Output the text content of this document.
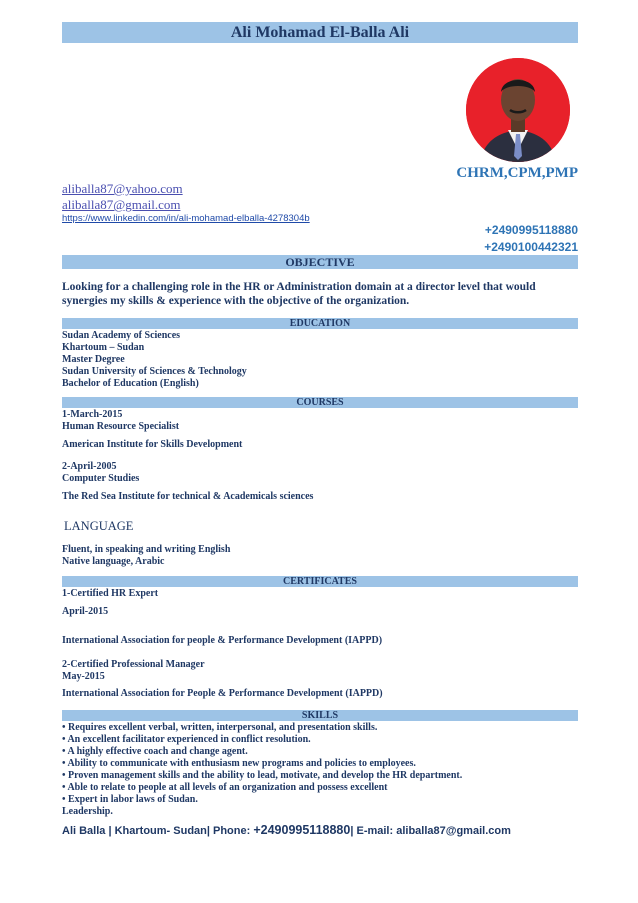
Ali Mohamad El-Balla Ali
CHRM,CPM,PMP
aliballa87@yahoo.com
aliballa87@gmail.com
https://www.linkedin.com/in/ali-mohamad-elballa-4278304b
+2490995118880
+2490100442321
OBJECTIVE
Looking for a challenging role in the HR or Administration domain at a director level that would synergies my skills & experience with the objective of the organization.
EDUCATION
Sudan Academy of Sciences
Khartoum – Sudan
Master Degree
Sudan University of Sciences & Technology
Bachelor of Education (English)
COURSES
1-March-2015
Human Resource Specialist
American Institute for Skills Development
2-April-2005
Computer Studies
The Red Sea Institute for technical & Academicals sciences
LANGUAGE
Fluent, in speaking and writing English
Native language, Arabic
CERTIFICATES
1-Certified HR Expert
April-2015
International Association for people & Performance Development (IAPPD)
2-Certified Professional Manager
May-2015
International Association for People & Performance Development (IAPPD)
SKILLS
• Requires excellent verbal, written, interpersonal, and presentation skills.
• An excellent facilitator experienced in conflict resolution.
• A highly effective coach and change agent.
• Ability to communicate with enthusiasm new programs and policies to employees.
• Proven management skills and the ability to lead, motivate, and develop the HR department.
• Able to relate to people at all levels of an organization and possess excellent
• Expert in labor laws of Sudan.
Leadership.
Ali Balla | Khartoum- Sudan| Phone: +2490995118880| E-mail: aliballa87@gmail.com
